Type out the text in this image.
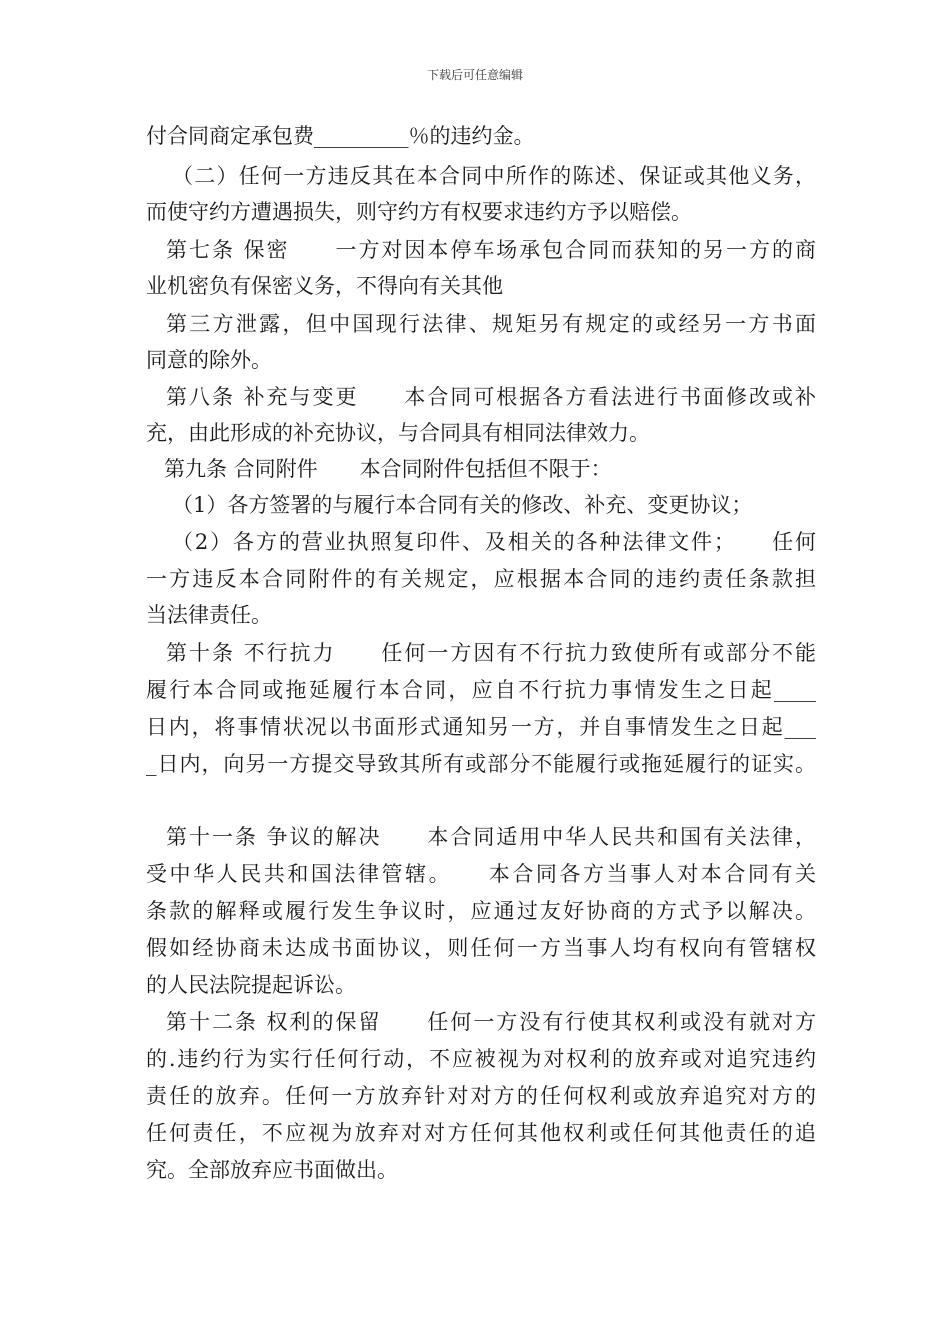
下载后可任意编辑
付合同商定承包费_________％的违约金。
（二）任何一方违反其在本合同中所作的陈述、保证或其他义务，
而使守约方遭遇损失，则守约方有权要求违约方予以赔偿。
第七条 保密　　一方对因本停车场承包合同而获知的另一方的商
业机密负有保密义务，不得向有关其他
第三方泄露，但中国现行法律、规矩另有规定的或经另一方书面
同意的除外。
第八条 补充与变更　　本合同可根据各方看法进行书面修改或补
充，由此形成的补充协议，与合同具有相同法律效力。
第九条 合同附件　　本合同附件包括但不限于：
（1）各方签署的与履行本合同有关的修改、补充、变更协议；
（2）各方的营业执照复印件、及相关的各种法律文件；　　任何
一方违反本合同附件的有关规定，应根据本合同的违约责任条款担
当法律责任。
第十条 不行抗力　　任何一方因有不行抗力致使所有或部分不能
履行本合同或拖延履行本合同，应自不行抗力事情发生之日起____
日内，将事情状况以书面形式通知另一方，并自事情发生之日起___
_日内，向另一方提交导致其所有或部分不能履行或拖延履行的证实。
第十一条 争议的解决　　本合同适用中华人民共和国有关法律，
受中华人民共和国法律管辖。　　本合同各方当事人对本合同有关
条款的解释或履行发生争议时，应通过友好协商的方式予以解决。
假如经协商未达成书面协议，则任何一方当事人均有权向有管辖权
的人民法院提起诉讼。
第十二条 权利的保留　　任何一方没有行使其权利或没有就对方
的.违约行为实行任何行动，不应被视为对权利的放弃或对追究违约
责任的放弃。任何一方放弃针对对方的任何权利或放弃追究对方的
任何责任，不应视为放弃对对方任何其他权利或任何其他责任的追
究。全部放弃应书面做出。
